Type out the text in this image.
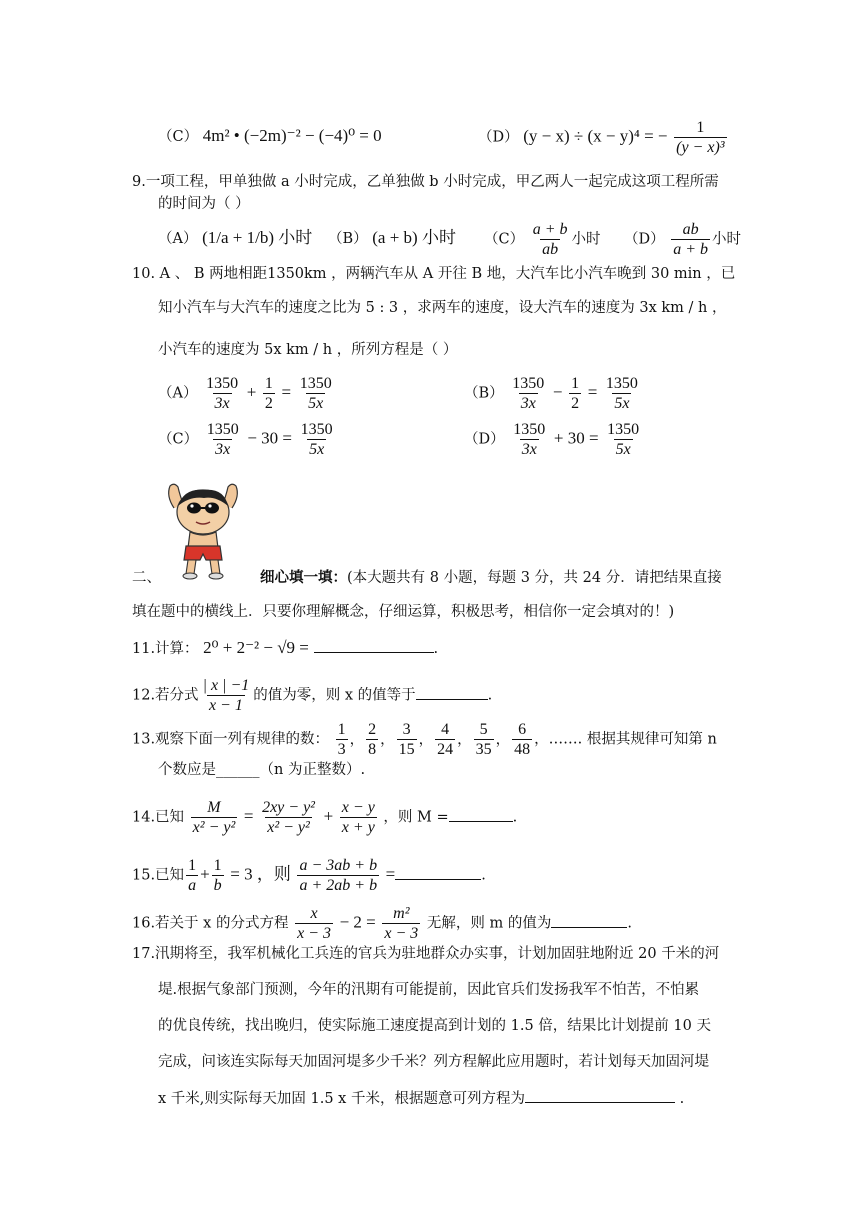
（C） 4m² • (−2m)⁻² − (−4)⁰ = 0	（D） (y − x) ÷ (x − y)⁴ = − $\frac{1}{\text{(y − x)³}}$
9.一项工程，甲单独做 a 小时完成，乙单独做 b 小时完成，甲乙两人一起完成这项工程所需
的时间为（ ）
（A） (1/a + 1/b) 小时 （B） (a + b) 小时 $(C) \frac{a + b}{ab}$ 小时 $(D) \frac{ab}{a + b}$ 小时
10. A 、 B 两地相距1350km ，两辆汽车从 A 开往 B 地，大汽车比小汽车晚到 30 min ，已
知小汽车与大汽车的速度之比为 5 : 3 ，求两车的速度，设大汽车的速度为 3x km / h ，
小汽车的速度为 5x km / h ，所列方程是（ ）
$(A) \frac{1350}{3x} + \frac{1}{2} = \frac{1350}{5x}$	$(B) \frac{1350}{3x} - \frac{1}{2} = \frac{1350}{5x}$
$(C) \frac{1350}{3x} - 30 = \frac{1350}{5x}$	$(D) \frac{1350}{3x} + 30 = \frac{1350}{5x}$
二、	细心填一填：(本大题共有 8 小题，每题 3 分，共 24 分．请把结果直接
填在题中的横线上．只要你理解概念，仔细运算，积极思考，相信你一定会填对的！)
11.计算： 2⁰ + 2⁻² − √9 =	.
12.若分式 $\frac{| x | -1}{x - 1}$ 的值为零，则 x 的值等于	.
13.观察下面一列有规律的数： $\frac{1}{3}$ ， $\frac{2}{8}$ ， $\frac{3}{15}$ ， $\frac{4}{24}$ ， $\frac{5}{35}$ ， $\frac{6}{48}$ ，……. 根据其规律可知第 n
个数应是______（n 为正整数）.
14.已知 $\frac{M}{\text{x² − y²}} = \frac{\text{2xy − y²}}{\text{x² − y²}} + \frac{x - y}{x + y}$ ，则 M =	.
15.已知 $\frac{1}{a} + \frac{1}{b} = 3$ ，则 $\frac{a - 3ab + b}{a + 2ab + b}$ =	.
16.若关于 x 的分式方程 $\frac{x}{x - 3} - 2 = \frac{\text{m²}}{x - 3}$ 无解，则 m 的值为	.
17.汛期将至，我军机械化工兵连的官兵为驻地群众办实事，计划加固驻地附近 20 千米的河
堤.根据气象部门预测，今年的汛期有可能提前，因此官兵们发扬我军不怕苦，不怕累
的优良传统，找出晚归，使实际施工速度提高到计划的 1.5 倍，结果比计划提前 10 天
完成，问该连实际每天加固河堤多少千米？列方程解此应用题时，若计划每天加固河堤
x 千米,则实际每天加固 1.5 x 千米，根据题意可列方程为	.
